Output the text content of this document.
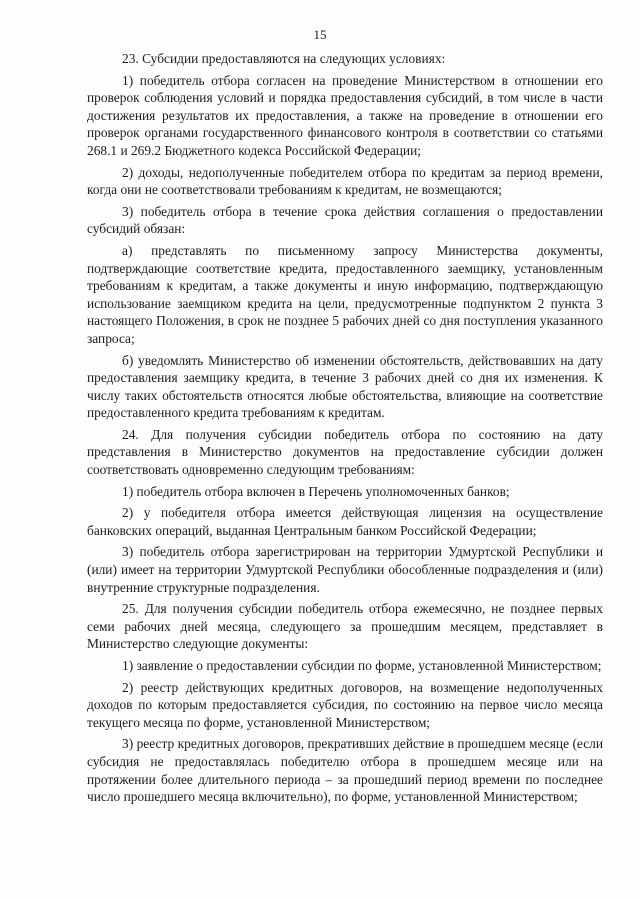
15

23. Субсидии предоставляются на следующих условиях:

1) победитель отбора согласен на проведение Министерством в отношении его проверок соблюдения условий и порядка предоставления субсидий, в том числе в части достижения результатов их предоставления, а также на проведение в отношении его проверок органами государственного финансового контроля в соответствии со статьями 268.1 и 269.2 Бюджетного кодекса Российской Федерации;

2) доходы, недополученные победителем отбора по кредитам за период времени, когда они не соответствовали требованиям к кредитам, не возмещаются;

3) победитель отбора в течение срока действия соглашения о предоставлении субсидий обязан:

а) представлять по письменному запросу Министерства документы, подтверждающие соответствие кредита, предоставленного заемщику, установленным требованиям к кредитам, а также документы и иную информацию, подтверждающую использование заемщиком кредита на цели, предусмотренные подпунктом 2 пункта 3 настоящего Положения, в срок не позднее 5 рабочих дней со дня поступления указанного запроса;

б) уведомлять Министерство об изменении обстоятельств, действовавших на дату предоставления заемщику кредита, в течение 3 рабочих дней со дня их изменения. К числу таких обстоятельств относятся любые обстоятельства, влияющие на соответствие предоставленного кредита требованиям к кредитам.

24. Для получения субсидии победитель отбора по состоянию на дату представления в Министерство документов на предоставление субсидии должен соответствовать одновременно следующим требованиям:

1) победитель отбора включен в Перечень уполномоченных банков;

2) у победителя отбора имеется действующая лицензия на осуществление банковских операций, выданная Центральным банком Российской Федерации;

3) победитель отбора зарегистрирован на территории Удмуртской Республики и (или) имеет на территории Удмуртской Республики обособленные подразделения и (или) внутренние структурные подразделения.

25. Для получения субсидии победитель отбора ежемесячно, не позднее первых семи рабочих дней месяца, следующего за прошедшим месяцем, представляет в Министерство следующие документы:

1) заявление о предоставлении субсидии по форме, установленной Министерством;

2) реестр действующих кредитных договоров, на возмещение недополученных доходов по которым предоставляется субсидия, по состоянию на первое число месяца текущего месяца по форме, установленной Министерством;

3) реестр кредитных договоров, прекративших действие в прошедшем месяце (если субсидия не предоставлялась победителю отбора в прошедшем месяце или на протяжении более длительного периода – за прошедший период времени по последнее число прошедшего месяца включительно), по форме, установленной Министерством;
